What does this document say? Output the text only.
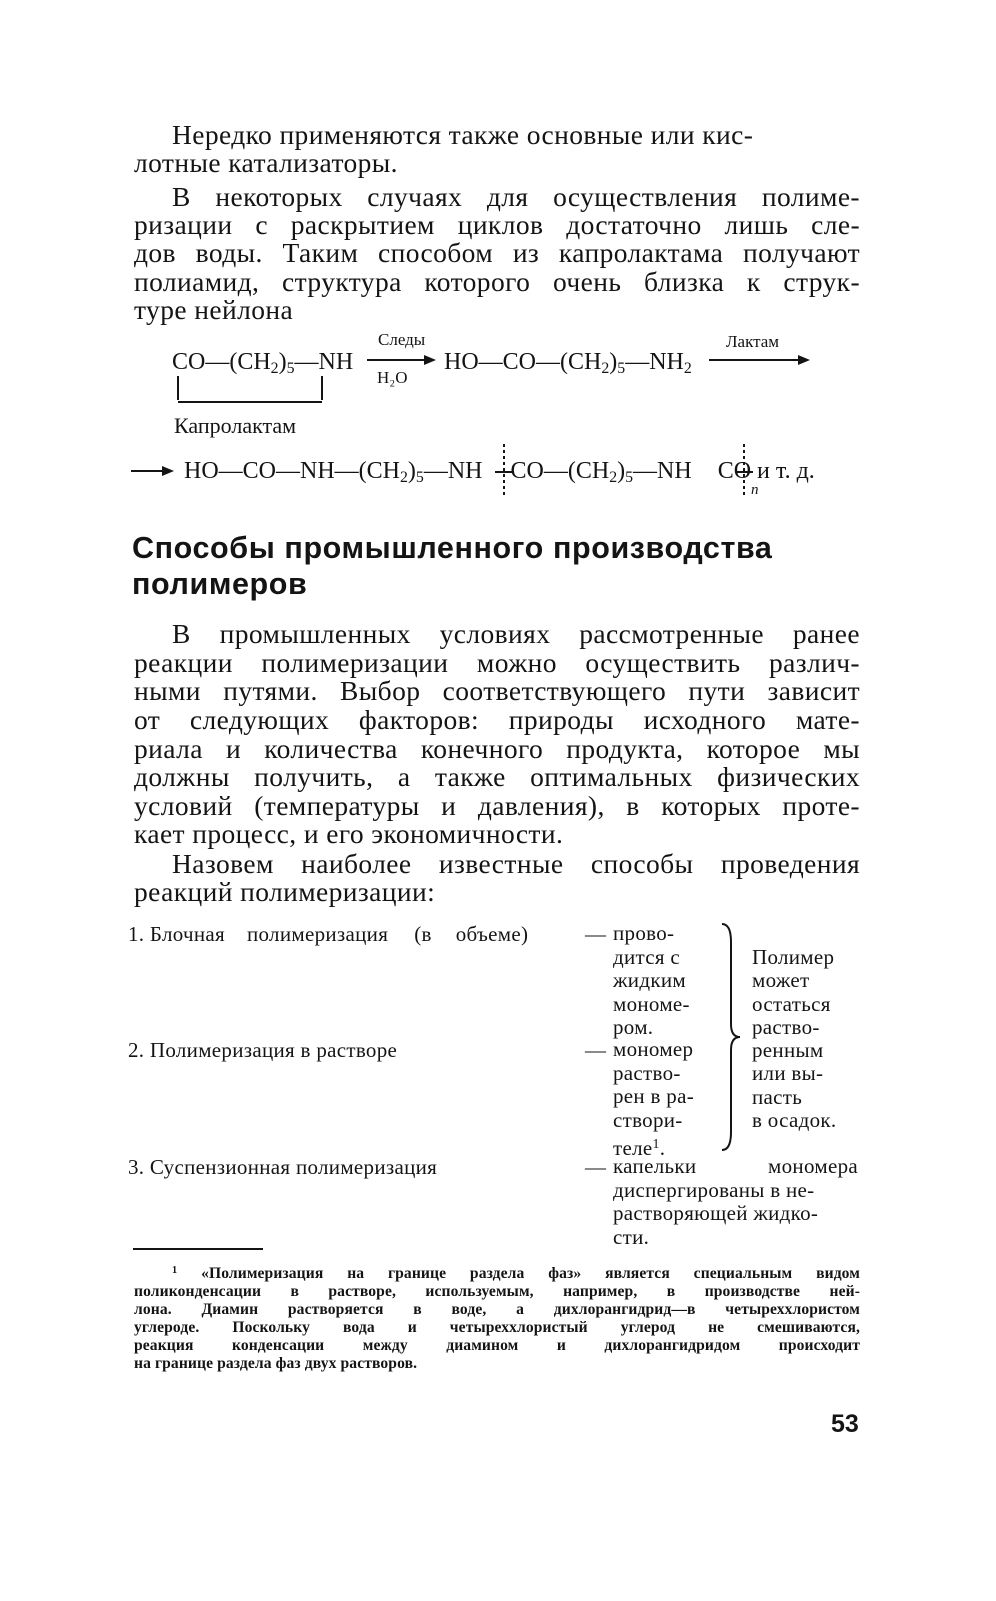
Нередко применяются также основные или кис-
лотные катализаторы.
В некоторых случаях для осуществления полиме-
ризации с раскрытием циклов достаточно лишь сле-
дов воды. Таким способом из капролактама получают
полиамид, структура которого очень близка к струк-
туре нейлона
$CO—(CH_2)_5—NH$
Следы
H₂O
$HO—CO—(CH_2)_5—NH_2$
Лактам
Капролактам
$HO—CO—NH—(CH_2)_5—NH$ $CO—(CH_2)_5—NH$ CO и т. д.
n
Способы промышленного производства
полимеров
В промышленных условиях рассмотренные ранее
реакции полимеризации можно осуществить различ-
ными путями. Выбор соответствующего пути зависит
от следующих факторов: природы исходного мате-
риала и количества конечного продукта, которое мы
должны получить, а также оптимальных физических
условий (температуры и давления), в которых проте-
кает процесс, и его экономичности.
Назовем наиболее известные способы проведения
реакций полимеризации:
1. Блочная полимеризация (в объеме)	— прово-
дится с
жидким
мономе-
ром.
2. Полимеризация в растворе	— мономер
раство-
рен в ра-
створи-
теле$^1$.
Полимер
может
остаться
раство-
ренным
или вы-
пасть
в осадок.
3. Суспензионная полимеризация	— капельки	мономера
диспергированы в не-
растворяющей жидко-
сти.
$^1$ «Полимеризация на границе раздела фаз» является специальным видом
поликонденсации в растворе, используемым, например, в производстве ней-
лона. Диамин растворяется в воде, а дихлорангидрид—в четыреххлористом
углероде. Поскольку вода и четыреххлористый углерод не смешиваются,
реакция конденсации между диамином и дихлорангидридом происходит
на границе раздела фаз двух растворов.
53
